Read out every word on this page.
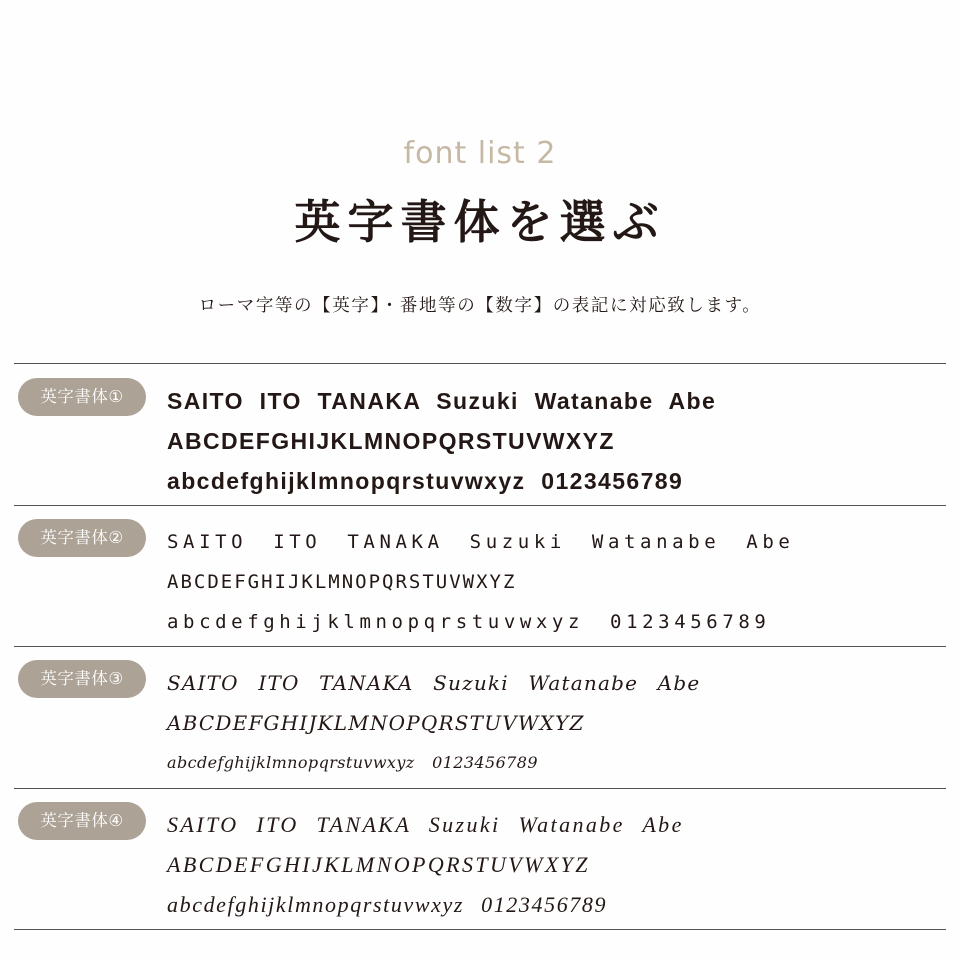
font list 2
英字書体を選ぶ
ローマ字等の【英字】・番地等の【数字】の表記に対応致します。
英字書体①	SAITO ITO TANAKA Suzuki Watanabe Abe
ABCDEFGHIJKLMNOPQRSTUVWXYZ
abcdefghijklmnopqrstuvwxyz 0123456789
英字書体②	SAITO ITO TANAKA Suzuki Watanabe Abe
ABCDEFGHIJKLMNOPQRSTUVWXYZ
abcdefghijklmnopqrstuvwxyz 0123456789
英字書体③	SAITO ITO TANAKA Suzuki Watanabe Abe
ABCDEFGHIJKLMNOPQRSTUVWXYZ
abcdefghijklmnopqrstuvwxyz 0123456789
英字書体④	SAITO ITO TANAKA Suzuki Watanabe Abe
ABCDEFGHIJKLMNOPQRSTUVWXYZ
abcdefghijklmnopqrstuvwxyz 0123456789
